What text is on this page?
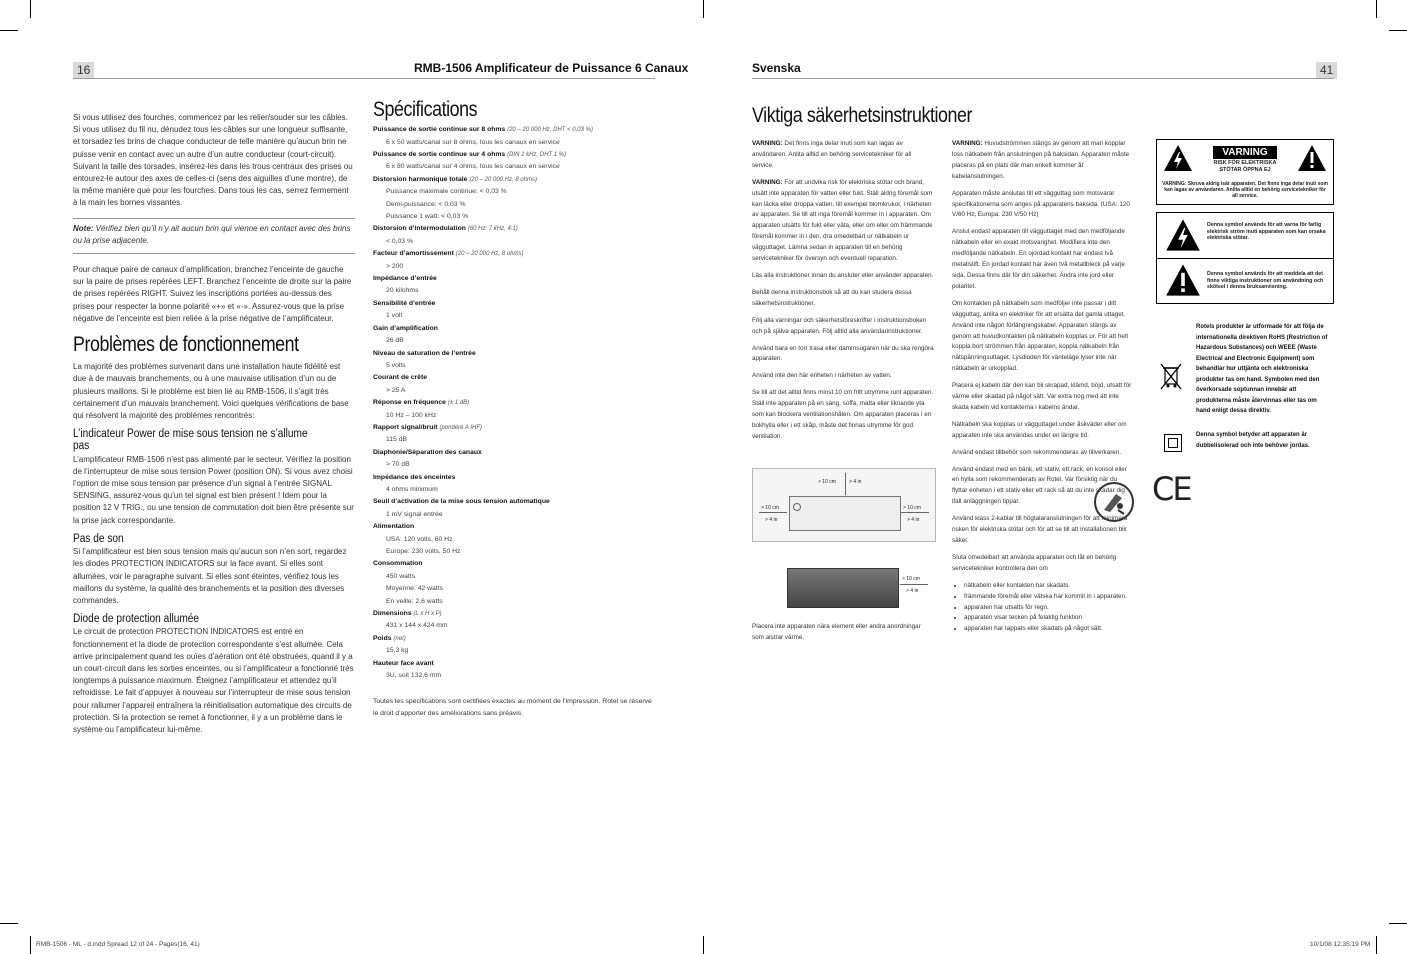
16	RMB-1506 Amplificateur de Puissance 6 Canaux	Svenska	41

Si vous utilisez des fourches, commencez par les relier/souder sur les câbles. Si vous utilisez du fil nu, dénudez tous les câbles sur une longueur suffisante, et torsadez les brins de chaque conducteur de telle manière qu’aucun brin ne puisse venir en contact avec un autre d’un autre conducteur (court-circuit). Suivant la taille des torsades, insérez-les dans les trous centraux des prises ou entourez-le autour des axes de celles-ci (sens des aiguilles d’une montre), de la même manière que pour les fourches. Dans tous les cas, serrez fermement à la main les bornes vissantes.

Note: Vérifiez bien qu’il n’y ait aucun brin qui vienne en contact avec des brins ou la prise adjacente.

Pour chaque paire de canaux d’amplification, branchez l’enceinte de gauche sur la paire de prises repérées LEFT. Branchez l’enceinte de droite sur la paire de prises repérées RIGHT. Suivez les inscriptions portées au-dessus des prises pour respecter la bonne polarité «+» et «-». Assurez-vous que la prise négative de l’enceinte est bien reliée à la prise négative de l’amplificateur.

Problèmes de fonctionnement

La majorité des problèmes survenant dans une installation haute fidélité est due à de mauvais branchements, ou à une mauvaise utilisation d’un ou de plusieurs maillons. Si le problème est bien lié au RMB-1506, il s’agit très certainement d’un mauvais branchement. Voici quelques vérifications de base qui résolvent la majorité des problèmes rencontrés:

L’indicateur Power de mise sous tension ne s’allume pas

L’amplificateur RMB-1506 n’est pas alimenté par le secteur. Vérifiez la position de l’interrupteur de mise sous tension Power (position ON). Si vous avez choisi l’option de mise sous tension par présence d’un signal à l’entrée SIGNAL SENSING, assurez-vous qu’un tel signal est bien présent ! Idem pour la position 12 V TRIG., ou une tension de commutation doit bien être présente sur la prise jack correspondante.

Pas de son

Si l’amplificateur est bien sous tension mais qu’aucun son n’en sort, regardez les diodes PROTECTION INDICATORS sur la face avant. Si elles sont allumées, voir le paragraphe suivant. Si elles sont éteintes, vérifiez tous les maillons du système, la qualité des branchements et la position des diverses commandes.

Diode de protection allumée

Le circuit de protection PROTECTION INDICATORS est entré en fonctionnement et la diode de protection correspondante s’est allumée. Cela arrive principalement quand les ouïes d’aération ont été obstruées, quand il y a un court-circuit dans les sorties enceintes, ou si l’amplificateur a fonctionné très longtemps à puissance maximum. Éteignez l’amplificateur et attendez qu’il refroidisse. Le fait d’appuyer à nouveau sur l’interrupteur de mise sous tension pour rallumer l’appareil entraînera la réinitialisation automatique des circuits de protection. Si la protection se remet à fonctionner, il y a un problème dans le système ou l’amplificateur lui-même.

Spécifications
Puissance de sortie continue sur 8 ohms (20 – 20 000 Hz, DHT < 0,03 %)
6 x 50 watts/canal sur 8 ohms, tous les canaux en service
Puissance de sortie continue sur 4 ohms (DIN 1 kHz, DHT 1 %)
6 x 80 watts/canal sur 4 ohms, tous les canaux en service
Distorsion harmonique totale (20 – 20 000 Hz, 8 ohms)
Puissance maximale continue: < 0,03 %
Demi-puissance: < 0,03 %
Puissance 1 watt: < 0,03 %
Distorsion d’intermodulation (60 Hz: 7 kHz, 4:1)
< 0,03 %
Facteur d’amortissement (20 – 20 000 Hz, 8 ohms)
> 200
Impédance d’entrée
20 kilohms
Sensibilité d’entrée
1 volt
Gain d’amplification
26 dB
Niveau de saturation de l’entrée
5 volts
Courant de crête
> 25 A
Réponse en fréquence (± 1 dB)
10 Hz – 100 kHz
Rapport signal/bruit (pondéré A IHF)
115 dB
Diaphonie/Séparation des canaux
> 70 dB
Impédance des enceintes
4 ohms minimum
Seuil d’activation de la mise sous tension automatique
1 mV signal entrée
Alimentation
USA: 120 volts, 60 Hz
Europe: 230 volts, 50 Hz
Consommation
450 watts
Moyenne: 42 watts
En veille: 2,6 watts
Dimensions (L x H x P)
431 x 144 x 424 mm
Poids (net)
15,3 kg
Hauteur face avant
3U, soit 132,6 mm
Toutes les spécifications sont certifiées exactes au moment de l’impression. Rotel se réserve le droit d’apporter des améliorations sans préavis.
Viktiga säkerhetsinstruktioner

VARNING: Det finns inga delar inuti som kan lagas av användaren. Anlita alltid en behörig servicetekniker för all service.

VARNING: För att undvika risk för elektriska stötar och brand, utsätt inte apparaten för vatten eller fukt. Ställ aldrig föremål som kan läcka eller droppa vatten, till exempel blomkrukor, i närheten av apparaten. Se till att inga föremål kommer in i apparaten. Om apparaten utsätts för fukt eller väta, eller om eller om främmande föremål kommer in i den, dra omedelbart ur nätkabeln ur vägguttaget. Lämna sedan in apparaten till en behörig servicetekniker för översyn och eventuell reparation.

Läs alla instruktioner innan du ansluter eller använder apparaten.

Behåll denna instruktionsbok så att du kan studera dessa säkerhetsinstruktioner.

Följ alla varningar och säkerhetsföreskrifter i instruktionsboken och på själva apparaten. Följ alltid alla användarinstruktioner.

Använd bara en torr trasa eller dammsugaren när du ska rengöra apparaten.

Använd inte den här enheten i närheten av vatten.

Se till att det alltid finns minst 10 cm fritt utrymme runt apparaten. Ställ inte apparaten på en säng, soffa, matta eller liknande yta som kan blockera ventilationshålen. Om apparaten placeras i en bokhylla eller i ett skåp, måste det finnas utrymme för god ventilation.

> 10 cm	> 4 in
> 10 cm
> 4 in
> 10 cm
> 4 in
> 10 cm
> 4 in
Placera inte apparaten nära element eller andra anordningar som alstrar värme.

VARNING: Huvudströmmen stängs av genom att man kopplar loss nätkabeln från anslutningen på baksidan. Apparaten måste placeras på en plats där man enkelt kommer åt kabelanslutningen.

Apparaten måste anslutas till ett vägguttag som motsvarar specifikationerna som anges på apparatens baksida. (USA: 120 V/60 Hz, Europa: 230 V/50 Hz)

Anslut endast apparaten till vägguttaget med den medföljande nätkabeln eller en exakt motsvarighet. Modifiera inte den medföljande nätkabeln. En ojordad kontakt har endast två metallstift. En jordad kontakt har även två metallbleck på varje sida. Dessa finns där för din säkerhet. Ändra inte jord eller polaritet.

Om kontakten på nätkabeln som medföljer inte passar i ditt vägguttag, anlita en elektriker för att ersätta det gamla uttaget. Använd inte någon förlängningskabel. Apparaten stängs av genom att huvudkontakten på nätkabeln kopplas ur. För att helt koppla bort strömmen från apparaten, koppla nätkabeln från nätspänningsuttaget. Lysdioden för vänteläge lyser inte när nätkabeln är urkopplad.

Placera ej kabeln där den kan bli skrapad, klämd, böjd, utsatt för värme eller skadad på något sätt. Var extra nog med att inte skada kabeln vid kontakterna i kabelns ändar.

Nätkabeln ska kopplas ur vägguttaget under åskväder eller om apparaten inte ska användas under en längre tid.

Använd endast tillbehör som rekommenderas av tillverkaren.

Använd endast med en bänk, ett stativ, ett rack, en konsol eller en hylla som rekommenderats av Rotel. Var försiktig när du flyttar enheten i ett stativ eller ett rack så att du inte skadar dig ifall anläggningen tippar.

Använd klass 2-kablar till högtalaranslutningen för att minimera risken för elektriska stötar och för att se till att installationen blir säker.

Sluta omedelbart att använda apparaten och låt en behörig servicetekniker kontrollera den om

• nätkabeln eller kontakten har skadats.
• främmande föremål eller vätska har kommit in i apparaten.
• apparaten har utsatts för regn.
• apparaten visar tecken på felaktig funktion
• apparaten har tappats eller skadats på något sätt.
VARNING
RISK FÖR ELEKTRISKA
STÖTAR ÖPPNA EJ
VARNING: Skruva aldrig isär apparaten. Det finns inga delar inuti som kan lagas av användaren. Anlita alltid en behörig servicetekniker för all service.
Denna symbol används för att varna för farlig elektrisk ström inuti apparaten som kan orsaka elektriska stötar.
Denna symbol används för att meddela att det finns viktiga instruktioner om användning och skötsel i denna bruksanvisning.
Rotels produkter är utformade för att följa de internationella direktiven RoHS (Restriction of Hazardous Substances) och WEEE (Waste Electrical and Electronic Equipment) som behandlar hur uttjänta och elektroniska produkter tas om hand. Symbolen med den överkorsade soptunnan innebär att produkterna måste återvinnas eller tas om hand enligt dessa direktiv.
Denna symbol betyder att apparaten är dubbelisolerad och inte behöver jordas.
CE
RMB-1506 - ML - d.indd Spread 12 of 24 - Pages(16, 41)	10/1/08 12:35:19 PM
